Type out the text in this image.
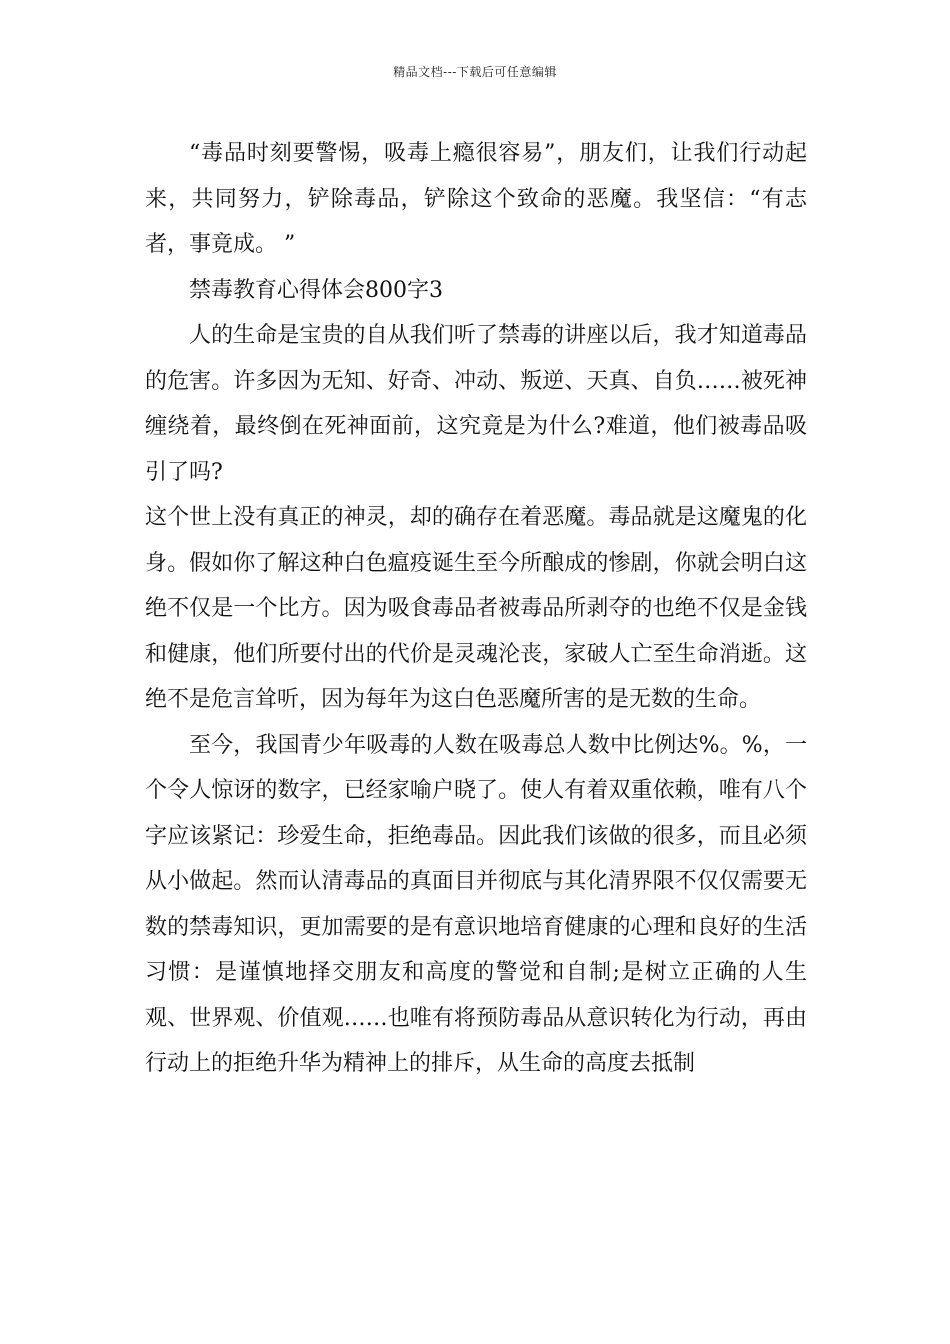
精品文档---下载后可任意编辑

“毒品时刻要警惕，吸毒上瘾很容易”，朋友们，让我们行动起来，共同努力，铲除毒品，铲除这个致命的恶魔。我坚信：“有志者，事竟成。 ”

禁毒教育心得体会800字3

人的生命是宝贵的自从我们听了禁毒的讲座以后，我才知道毒品的危害。许多因为无知、好奇、冲动、叛逆、天真、自负……被死神缠绕着，最终倒在死神面前，这究竟是为什么?难道，他们被毒品吸引了吗?

这个世上没有真正的神灵，却的确存在着恶魔。毒品就是这魔鬼的化身。假如你了解这种白色瘟疫诞生至今所酿成的惨剧，你就会明白这绝不仅是一个比方。因为吸食毒品者被毒品所剥夺的也绝不仅是金钱和健康，他们所要付出的代价是灵魂沦丧，家破人亡至生命消逝。这绝不是危言耸听，因为每年为这白色恶魔所害的是无数的生命。

至今，我国青少年吸毒的人数在吸毒总人数中比例达%。%，一个令人惊讶的数字，已经家喻户晓了。使人有着双重依赖，唯有八个字应该紧记：珍爱生命，拒绝毒品。因此我们该做的很多，而且必须从小做起。然而认清毒品的真面目并彻底与其化清界限不仅仅需要无数的禁毒知识，更加需要的是有意识地培育健康的心理和良好的生活习惯：是谨慎地择交朋友和高度的警觉和自制;是树立正确的人生观、世界观、价值观……也唯有将预防毒品从意识转化为行动，再由行动上的拒绝升华为精神上的排斥，从生命的高度去抵制
